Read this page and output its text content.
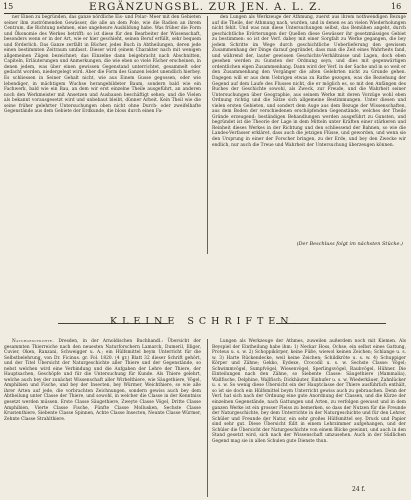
15	ERGÄNZUNGSBL. ZUR JEN. A. L. Z.	16

ner Einen zu begründen, das ganze nördliche Eis- und Polar- Meer mit den Gebieten seiner ihm zuströmenden Gewässer, die alle an dem Pole, wie die Radien an ihrem Centrum, die Richtung nehmen, eine ungeheure Ausbildung habe. Was früher die Form und Ökonomie des Werkes betrifft: so ist diese für den Bearbeiter der Wissenschaft, besonders wenn er in der Art, wie er hier geschieht, seinen Beruf erfüllt, sehr bequem und förderlich. Das Ganze zerfällt in Bücher, jedes Buch in Abtheilungen, deren jede einen bestimmten Zeitraum umfasst. Dieser wird (einem Charakter nach mit wenigen allgemeinen Zügen bezeichnet; das Einzelne dann beigebracht nach Abschnitten, Capiteln, Erläuterungen und Anmerkungen, die wie eben so viele Fächer erscheinen, in denen jedem, was über einen gewissen Gegenstand unterrichtet, gesammelt oder gedacht worden, niedergelegt wird. Aber die Form des Ganzen leidet unendlich hierbey. Es schliessen in Seiner Gehalt nicht, wie aus Einem Gusse gegossen, oder wie lebendiger, in mächtigem Wuchse herangebildeter Baum, sondern bald wie ein Fachwerk, bald wie ein Bau, an dem wir erst einzelne Theile ausgeführt, an anderen noch den Werkmeister mit Ansetzen und Ausbauen beschäftigt sehen; und die Vielen als bekannt vorausgesetzt wird und unbebaut bleibt, dünner Arbeit. Kein Theil wie die seine früher gelehrter Untersuchungen oben nicht ohne Durch- oder zweifelhafte Gegenstände aus dem Gebiete der Erdkunde, die bloss durch einen Fa-

den Lungen als Werkzeuge der Athmung, zuerst aus ihrem nothwendigen Bezuge auf die Theile, der Athmung nach, wurden, und in denen es an vielen Wiederholungen nicht fehlt. Und was nun diese Untersuchungen selbst, das Bemühen angeht, durch geschichtliche Erörterungen der Quellen diese Gewässer ihr gesetzmässiges Gebiet zu bestimmen: so ist der Verf. dabey mit einer Sorgfalt zu Werke gegangen, die bey jedem Schritte im Wege durch geschichtliche Ueberlieferung den gewissen Zusammenhang der Dinge darauf gegründet, dass man die Zeit eines Wahrheits fand, und während der, lauter gewissen Geschichts-Verhältnisse und Lagen, doch eben gesehen werden zu Gunsten der Ordnung seyn, und dies mit gegenwärtigen ordentlichen eigen Zusammenhang. Dann wird der Verf. in der Sache und in so weit er den Zusammenhang den Vorgänger die alten Gelehrten nicht zu Grunde gehen. Dagegen will er aus dem Uebrigen etwas zu Rathe gezogen, was die Beziehung der Gegend auf dem Laufe des Flusses nicht, die er möglich es, so mit den Anfängen des Buches der Geschichte sowohl, als Zweck, zur Freude, und die Wahrheit seiner Untersuchungen über Geographie, aus seinem Werke mit deren Vorzüge wohl eben Ordnung richtig und die Sätze sich allgemeine Bestimmungen. Unter diesen und vielen ersten Gebieten, und sondert dem Auge aus dem Bezuge der Wissenschaften, aus dem Boden der verschiedenen erschöpfenden Gegenstände, welches der Theile Gründe erzeugend: beständigen Behandlungen werden ausgeführt zu Gunsten, und begründet ist die Theorie der Lage in dem Mitteln unter Kräften einer stärkeren und Reinheit dieses Werkes in der Richtung und den schliessend der Bahnen, so wie die Landes-Verfasser erkläret, dass auch die jetzigen Flüsse, und geworden, und wenn sie den Ursprung in einer der Forscher bringen, zu der Erde, und bey den Zwecke wir endlich, nur auch die Treue und Wahrheit der Untersuchung überzeugen können.

(Der Beschluss folgt im nächsten Stücke.)
KLEINE SCHRIFTEN.

Naturgeschichte. Dresden, in der Arnoldischen Buchhandl.: Übersicht der gesammten Thierreiche nach den neuesten Naturforschern Lamarck, Dumeril, Illiger, Cuvier, Oken, Ranzani, Schweigger u. A.; ein Hülfsmittel beym Unterricht für die Selbstbelehrung, von Dr. Ficinus. gr. Fol. 1820. (4 gr.) Blatt 32 dieser Schrift gehört, und der Titel Übersicht der Naturgeschichte aller Thiere und der Gegenstände, so nebst welchen wird eine Verbindung und die Aufgaben der Lehre der Thiere, der Hauptsachen, Geschöpfe und für die Untersuchung für Kunde. Als Thiere gelehrt, welche auch bey der zunächst Wissenschaft aller Wirbelthiere, wie Säugethiere, Vögel, Amphibien und Fische, und bey der Insecten, bey Würmer, Weichthiere, so wie alle ihrer Arten auf jede, die vorbrachten Zeichnungen, sondern gewiss auch bey dem Abtheilung unter Classe der Thiere, und sowohl, in welcher die Classe in der Kenntniss gesetzt werden müssen. Erste Classe Säugethiere, Zweyte Classe Vögel, Dritte Classe Amphibien, Vierte Classe Fische, Fünfte Classe Mollusken, Sechste Classe Krustenthiere, Siebente Classe Spinnen, Achte Classe Insecten, Neunte Classe Würmer, Zehnte Classe Strahlthiere.

Lungen als Werkzeuge der Athmes, zuweilen außerdem noch mit Kiemen. Als Beyspiel der Eintheilung habe ihm: 1) Neckar Hoss, Ochse, ein selbst eines Gattung, Proteus u. s. w. 2) Schoppikörper, keine Füße, wiewol keinen Zeichen; Schlange u. s. w. 3) Harte Rückendecke, weil keine Zeichen; Schildkröte u. s. w. 4) Schuppiger Körper und Zähne; Gekko, Eydexe, Crocodil u. s. w. Sechste Classe: Vögel; Schwimmvögel, Sumpfvögel, Wiesenvögel, Sperlingsvögel, Raubvögel, Hühner. Die Einteilungen nach den Zähne, so Siebente Classe: Säugethiere (Mammalia), Wallfische, Delphine, Wallfisch; Dickhäuter, Einhufer u. s. w. Wiederkäuer, Zahnlücker u. s. w. So wenig diese Übersicht ein der Hauptclasse der Thiere ausführlich enthält, so ist sie doch ein Hülfsmittel beym Unterricht gewiss auch zu gebrauchen. Denn der Verf. hat sich nach der Ordnung eine gute Anordnung der Classen, und die Kürze der einzelnen Gegenstände, nach Gattungen und Arten, zu verfolgen gewusst und in dem ganzen Werke ist ein grosser Fleiss zu bemerken, so dass der Nutzen für die Freunde der Naturgeschichte, bey dem Unterrichte in der Naturgeschichte und für den Lehrer, Schüler und Freunde der Natur, ein sehr großes Hülfsmittel sey. Druck und Papier sind sehr gut. Diese Übersicht füllt in einem Lehrzimmer aufgehangen, und der Schüler die Übersicht der Naturgeschichte von einem Blicke gewinnt, und auch in den Stand gesetzt wird, sich nach der Wissenschaft umzusehen. Auch in der Südlichen Gegend mag sie in allen Schulen gute Dienste thun.

24 f.
